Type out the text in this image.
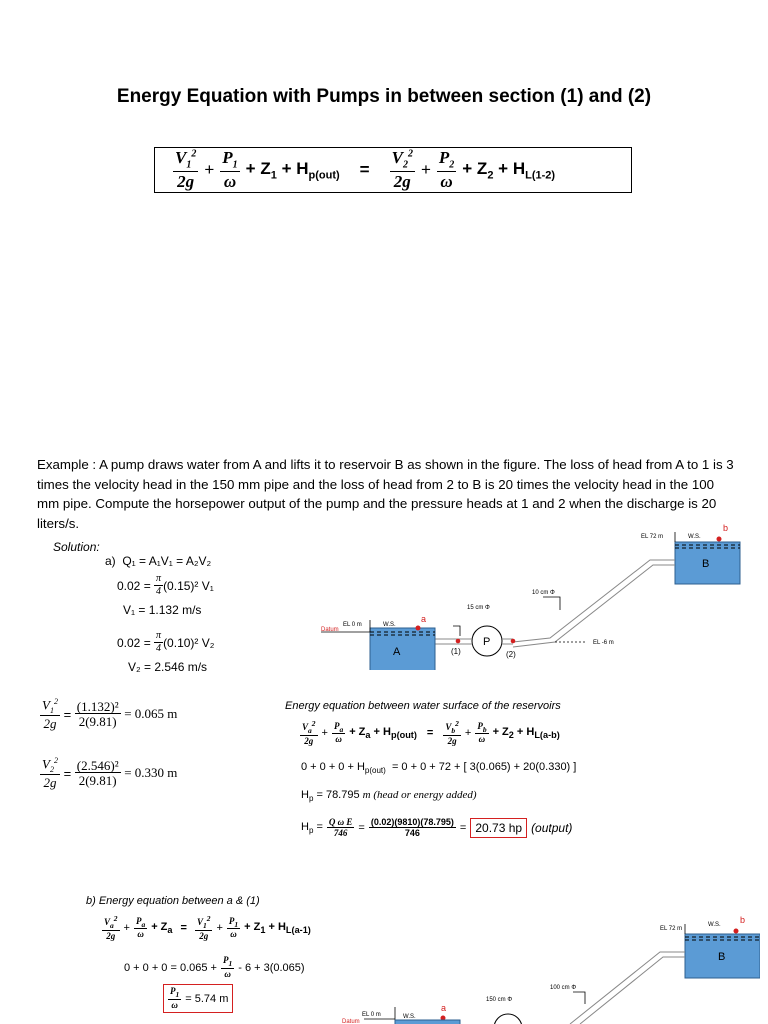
Energy Equation with Pumps in between section (1) and (2)
$\frac{V_1^2}{2g} + \frac{P_1}{\omega} + Z_1 + H_{p(out)} = \frac{V_2^2}{2g} + \frac{P_2}{\omega} + Z_2 + H_{L(1-2)}$
Example : A pump draws water from A and lifts it to reservoir B as shown in the figure. The loss of head from A to 1 is 3 times the velocity head in the 150 mm pipe and the loss of head from 2 to B is 20 times the velocity head in the 100 mm pipe. Compute the horsepower output of the pump and the pressure heads at 1 and 2 when the discharge is 20 liters/s.
Solution:
a) Q₁ = A₁V₁ = A₂V₂
0.02 =
$\frac{\pi}{4} (0.15)^2$ V₁
V₁ = 1.132 m/s
0.02 =
$\frac{\pi}{4} (0.10)^2$ V₂
V₂ = 2.546 m/s
$\frac{V_1^2}{2g} = \frac{\text{(1.132)²}}{2(9.81)}$
= 0.065 m
$\frac{V_2^2}{2g} = \frac{\text{(2.546)²}}{2(9.81)}$
= 0.330 m
Energy equation between water surface of the reservoirs
$\frac{V_a^2}{2g} + \frac{P_a}{\omega} + Z_a + H_{p(out)} = \frac{V_b^2}{2g} + \frac{P_b}{\omega} + Z_2 + H_{L(a-b)}$
$0 + 0 + 0 + H_{p(out)} = 0 + 0 + 72$ + [ 3(0.065) + 20(0.330) ]
$H_p = 78.795$ m (head or energy added)
$H_p = \frac{\text{Q ω E}}{746} = \frac{(0.02)(9810)(78.795)}{746} = 20.73$ hp (output)
b) Energy equation between a & (1)
$\frac{V_a^2}{2g} + \frac{P_a}{\omega} + Z_a = \frac{V_1^2}{2g} + \frac{P_1}{\omega} + Z_1 + H_{L(a-1)}$
$0 + 0 + 0 = 0.065 + \frac{P_1}{\omega} - 6 + 3(0.065)$
$\frac{P_1}{\omega} = 5.74$ m
B
EL 72 m	W.S.
b
10 cm Φ
EL -6 m
P
(1)	(2)
15 cm Φ
A
EL 0 m
Datum
W.S.
a
B
EL 72 m
W.S. b
100 cm Φ
150 cm Φ
EL 0 m
Datum
W.S.
a
